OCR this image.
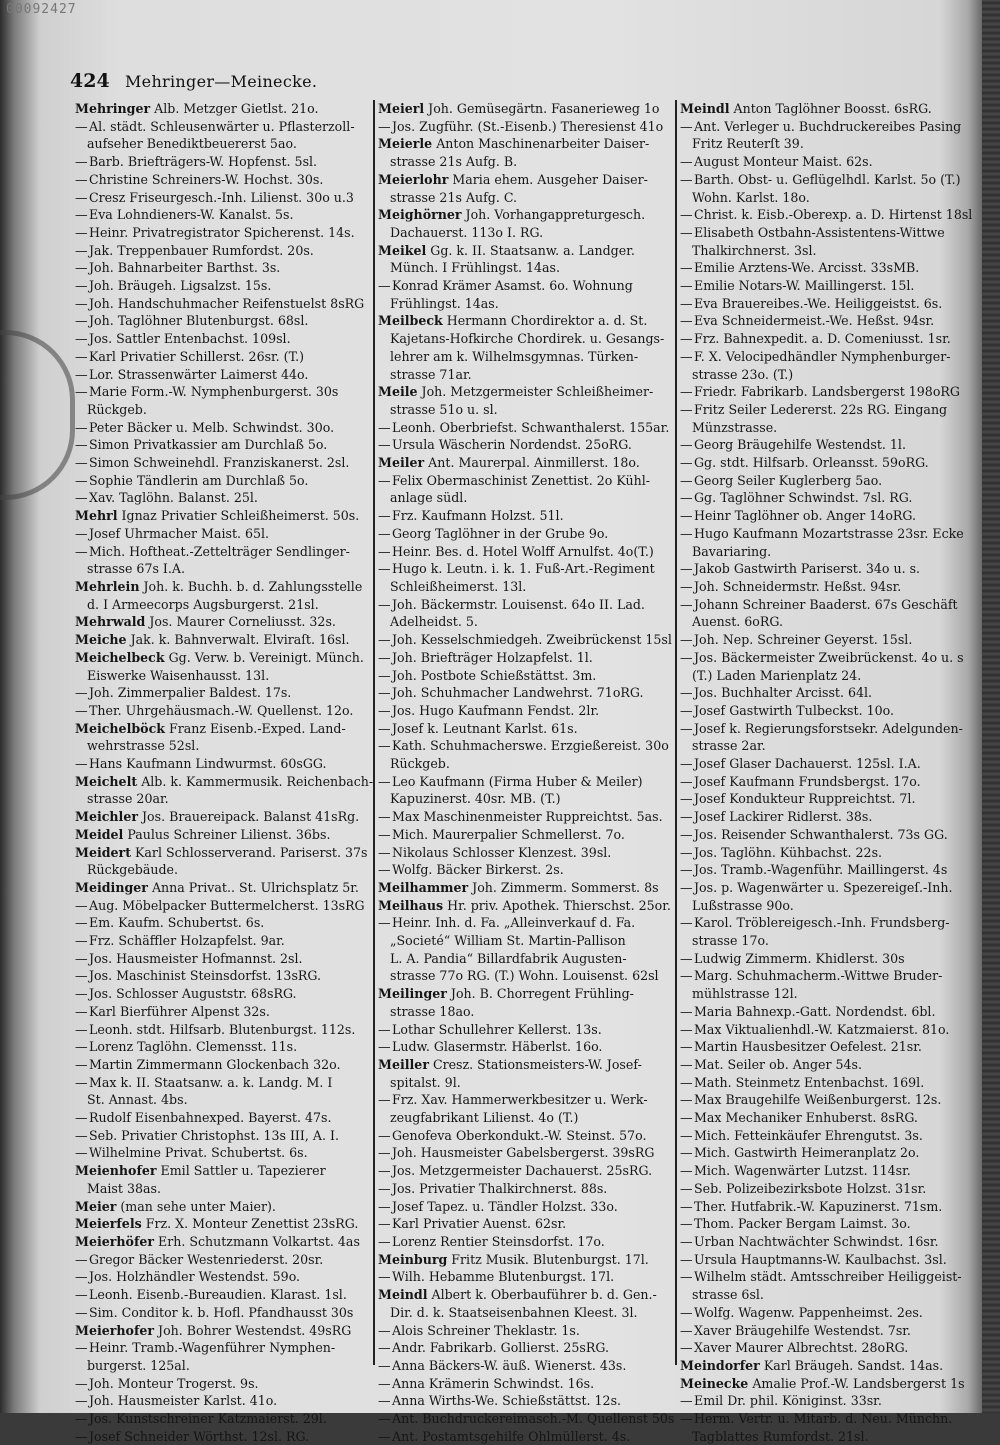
00092427
424 Mehringer—Meinecke.
Mehringer Alb. Metzger Gietlst. 21o.
—Al. städt. Schleusenwärter u. Pflasterzoll-
aufseher Benediktbeuererst 5ao.
—Barb. Briefträgers-W. Hopfenst. 5sl.
—Christine Schreiners-W. Hochst. 30s.
—Cresz Friseurgesch.-Inh. Lilienst. 30o u.3
—Eva Lohndieners-W. Kanalst. 5s.
—Heinr. Privatregistrator Spicherenst. 14s.
—Jak. Treppenbauer Rumfordst. 20s.
—Joh. Bahnarbeiter Barthst. 3s.
—Joh. Bräugeh. Ligsalzst. 15s.
—Joh. Handschuhmacher Reifenstuelst 8sRG
—Joh. Taglöhner Blutenburgst. 68sl.
—Jos. Sattler Entenbachst. 109sl.
—Karl Privatier Schillerst. 26sr. (T.)
—Lor. Strassenwärter Laimerst 44o.
—Marie Form.-W. Nymphenburgerst. 30s
Rückgeb.
—Peter Bäcker u. Melb. Schwindst. 30o.
—Simon Privatkassier am Durchlaß 5o.
—Simon Schweinehdl. Franziskanerst. 2sl.
—Sophie Tändlerin am Durchlaß 5o.
—Xav. Taglöhn. Balanst. 25l.
Mehrl Ignaz Privatier Schleißheimerst. 50s.
—Josef Uhrmacher Maist. 65l.
—Mich. Hoftheat.-Zettelträger Sendlinger-
strasse 67s I.A.
Mehrlein Joh. k. Buchh. b. d. Zahlungsstelle
d. I Armeecorps Augsburgerst. 21sl.
Mehrwald Jos. Maurer Corneliusst. 32s.
Meiche Jak. k. Bahnverwalt. Elviraſt. 16sl.
Meichelbeck Gg. Verw. b. Vereinigt. Münch.
Eiswerke Waisenhausst. 13l.
—Joh. Zimmerpalier Baldest. 17s.
—Ther. Uhrgehäusmach.-W. Quellenst. 12o.
Meichelböck Franz Eisenb.-Exped. Land-
wehrstrasse 52sl.
—Hans Kaufmann Lindwurmst. 60sGG.
Meichelt Alb. k. Kammermusik. Reichenbach-
strasse 20ar.
Meichler Jos. Brauereipack. Balanst 41sRg.
Meidel Paulus Schreiner Lilienst. 36bs.
Meidert Karl Schlosserverand. Pariserst. 37s
Rückgebäude.
Meidinger Anna Privat.. St. Ulrichsplatz 5r.
—Aug. Möbelpacker Buttermelcherst. 13sRG
—Em. Kaufm. Schubertst. 6s.
—Frz. Schäffler Holzapfelst. 9ar.
—Jos. Hausmeister Hofmannst. 2sl.
—Jos. Maschinist Steinsdorfst. 13sRG.
—Jos. Schlosser Auguststr. 68sRG.
—Karl Bierführer Alpenst 32s.
—Leonh. stdt. Hilfsarb. Blutenburgst. 112s.
—Lorenz Taglöhn. Clemensst. 11s.
—Martin Zimmermann Glockenbach 32o.
—Max k. II. Staatsanw. a. k. Landg. M. I
St. Annast. 4bs.
—Rudolf Eisenbahnexped. Bayerst. 47s.
—Seb. Privatier Christophst. 13s III, A. I.
—Wilhelmine Privat. Schubertst. 6s.
Meienhofer Emil Sattler u. Tapezierer
Maist 38as.
Meier (man sehe unter Maier).
Meierfels Frz. X. Monteur Zenettist 23sRG.
Meierhöfer Erh. Schutzmann Volkartst. 4as
—Gregor Bäcker Westenriederst. 20sr.
—Jos. Holzhändler Westendst. 59o.
—Leonh. Eisenb.-Bureaudien. Klarast. 1sl.
—Sim. Conditor k. b. Hofl. Pfandhausst 30s
Meierhofer Joh. Bohrer Westendst. 49sRG
—Heinr. Tramb.-Wagenführer Nymphen-
burgerst. 125al.
—Joh. Monteur Trogerst. 9s.
—Joh. Hausmeister Karlst. 41o.
—Jos. Kunstschreiner Katzmaierst. 29l.
—Josef Schneider Wörthst. 12sl. RG.
Meierl Joh. Gemüsegärtn. Fasanerieweg 1o
—Jos. Zugführ. (St.-Eisenb.) Theresienst 41o
Meierle Anton Maschinenarbeiter Daiser-
strasse 21s Aufg. B.
Meierlohr Maria ehem. Ausgeher Daiser-
strasse 21s Aufg. C.
Meighörner Joh. Vorhangappreturgesch.
Dachauerst. 113o I. RG.
Meikel Gg. k. II. Staatsanw. a. Landger.
Münch. I Frühlingst. 14as.
—Konrad Krämer Asamst. 6o. Wohnung
Frühlingst. 14as.
Meilbeck Hermann Chordirektor a. d. St.
Kajetans-Hofkirche Chordirek. u. Gesangs-
lehrer am k. Wilhelmsgymnas. Türken-
strasse 71ar.
Meile Joh. Metzgermeister Schleißheimer-
strasse 51o u. sl.
—Leonh. Oberbriefst. Schwanthalerst. 155ar.
—Ursula Wäscherin Nordendst. 25oRG.
Meiler Ant. Maurerpal. Ainmillerst. 18o.
—Felix Obermaschinist Zenettist. 2o Kühl-
anlage südl.
—Frz. Kaufmann Holzst. 51l.
—Georg Taglöhner in der Grube 9o.
—Heinr. Bes. d. Hotel Wolff Arnulfst. 4o(T.)
—Hugo k. Leutn. i. k. 1. Fuß-Art.-Regiment
Schleißheimerst. 13l.
—Joh. Bäckermstr. Louisenst. 64o II. Lad.
Adelheidst. 5.
—Joh. Kesselschmiedgeh. Zweibrückenst 15sl
—Joh. Briefträger Holzapfelst. 1l.
—Joh. Postbote Schießstättst. 3m.
—Joh. Schuhmacher Landwehrst. 71oRG.
—Jos. Hugo Kaufmann Fendst. 2lr.
—Josef k. Leutnant Karlst. 61s.
—Kath. Schuhmacherswe. Erzgießereist. 30o
Rückgeb.
—Leo Kaufmann (Firma Huber & Meiler)
Kapuzinerst. 40sr. MB. (T.)
—Max Maschinenmeister Ruppreichtst. 5as.
—Mich. Maurerpalier Schmellerst. 7o.
—Nikolaus Schlosser Klenzest. 39sl.
—Wolfg. Bäcker Birkerst. 2s.
Meilhammer Joh. Zimmerm. Sommerst. 8s
Meilhaus Hr. priv. Apothek. Thierschst. 25or.
—Heinr. Inh. d. Fa. „Alleinverkauf d. Fa.
„Societé“ William St. Martin-Pallison
L. A. Pandia“ Billardfabrik Augusten-
strasse 77o RG. (T.) Wohn. Louisenst. 62sl
Meilinger Joh. B. Chorregent Frühling-
strasse 18ao.
—Lothar Schullehrer Kellerst. 13s.
—Ludw. Glasermstr. Häberlst. 16o.
Meiller Cresz. Stationsmeisters-W. Josef-
spitalst. 9l.
—Frz. Xav. Hammerwerkbesitzer u. Werk-
zeugfabrikant Lilienst. 4o (T.)
—Genofeva Oberkondukt.-W. Steinst. 57o.
—Joh. Hausmeister Gabelsbergerst. 39sRG
—Jos. Metzgermeister Dachauerst. 25sRG.
—Jos. Privatier Thalkirchnerst. 88s.
—Josef Tapez. u. Tändler Holzst. 33o.
—Karl Privatier Auenst. 62sr.
—Lorenz Rentier Steinsdorfst. 17o.
Meinburg Fritz Musik. Blutenburgst. 17l.
—Wilh. Hebamme Blutenburgst. 17l.
Meindl Albert k. Oberbauführer b. d. Gen.-
Dir. d. k. Staatseisenbahnen Kleest. 3l.
—Alois Schreiner Theklastr. 1s.
—Andr. Fabrikarb. Gollierst. 25sRG.
—Anna Bäckers-W. äuß. Wienerst. 43s.
—Anna Krämerin Schwindst. 16s.
—Anna Wirths-We. Schießstättst. 12s.
—Ant. Buchdruckereimasch.-M. Quellenst 50s
—Ant. Postamtsgehilfe Ohlmüllerst. 4s.
Meindl Anton Taglöhner Boosst. 6sRG.
—Ant. Verleger u. Buchdruckereibes Pasing
Fritz Reuterſt 39.
—August Monteur Maist. 62s.
—Barth. Obst- u. Geflügelhdl. Karlst. 5o (T.)
Wohn. Karlst. 18o.
—Christ. k. Eisb.-Oberexp. a. D. Hirtenst 18sl
—Elisabeth Ostbahn-Assistentens-Wittwe
Thalkirchnerst. 3sl.
—Emilie Arztens-We. Arcisst. 33sMB.
—Emilie Notars-W. Maillingerst. 15l.
—Eva Brauereibes.-We. Heiliggeistst. 6s.
—Eva Schneidermeist.-We. Heßst. 94sr.
—Frz. Bahnexpedit. a. D. Comeniusst. 1sr.
—F. X. Velocipedhändler Nymphenburger-
strasse 23o. (T.)
—Friedr. Fabrikarb. Landsbergerst 198oRG
—Fritz Seiler Ledererst. 22s RG. Eingang
Münzstrasse.
—Georg Bräugehilfe Westendst. 1l.
—Gg. stdt. Hilfsarb. Orleansst. 59oRG.
—Georg Seiler Kuglerberg 5ao.
—Gg. Taglöhner Schwindst. 7sl. RG.
—Heinr Taglöhner ob. Anger 14oRG.
—Hugo Kaufmann Mozartstrasse 23sr. Ecke
Bavariaring.
—Jakob Gastwirth Pariserst. 34o u. s.
—Joh. Schneidermstr. Heßst. 94sr.
—Johann Schreiner Baaderst. 67s Geschäft
Auenst. 6oRG.
—Joh. Nep. Schreiner Geyerst. 15sl.
—Jos. Bäckermeister Zweibrückenst. 4o u. s
(T.) Laden Marienplatz 24.
—Jos. Buchhalter Arcisst. 64l.
—Josef Gastwirth Tulbeckst. 10o.
—Josef k. Regierungsforstsekr. Adelgunden-
strasse 2ar.
—Josef Glaser Dachauerst. 125sl. I.A.
—Josef Kaufmann Frundsbergst. 17o.
—Josef Kondukteur Ruppreichtst. 7l.
—Josef Lackirer Ridlerst. 38s.
—Jos. Reisender Schwanthalerst. 73s GG.
—Jos. Taglöhn. Kühbachst. 22s.
—Jos. Tramb.-Wagenführ. Maillingerst. 4s
—Jos. p. Wagenwärter u. Spezereigeſ.-Inh.
Lußstrasse 90o.
—Karol. Tröblereigesch.-Inh. Frundsberg-
strasse 17o.
—Ludwig Zimmerm. Khidlerst. 30s
—Marg. Schuhmacherm.-Wittwe Bruder-
mühlstrasse 12l.
—Maria Bahnexp.-Gatt. Nordendst. 6bl.
—Max Viktualienhdl.-W. Katzmaierst. 81o.
—Martin Hausbesitzer Oefelest. 21sr.
—Mat. Seiler ob. Anger 54s.
—Math. Steinmetz Entenbachst. 169l.
—Max Braugehilfe Weißenburgerst. 12s.
—Max Mechaniker Enhuberst. 8sRG.
—Mich. Fetteinkäufer Ehrengutst. 3s.
—Mich. Gastwirth Heimeranplatz 2o.
—Mich. Wagenwärter Lutzst. 114sr.
—Seb. Polizeibezirksbote Holzst. 31sr.
—Ther. Hutfabrik.-W. Kapuzinerst. 71sm.
—Thom. Packer Bergam Laimst. 3o.
—Urban Nachtwächter Schwindst. 16sr.
—Ursula Hauptmanns-W. Kaulbachst. 3sl.
—Wilhelm städt. Amtsschreiber Heiliggeist-
strasse 6sl.
—Wolfg. Wagenw. Pappenheimst. 2es.
—Xaver Bräugehilfe Westendst. 7sr.
—Xaver Maurer Albrechtst. 28oRG.
Meindorfer Karl Bräugeh. Sandst. 14as.
Meinecke Amalie Prof.-W. Landsbergerst 1s
—Emil Dr. phil. Königinst. 33sr.
—Herm. Vertr. u. Mitarb. d. Neu. Münchn.
Tagblattes Rumfordst. 21sl.
